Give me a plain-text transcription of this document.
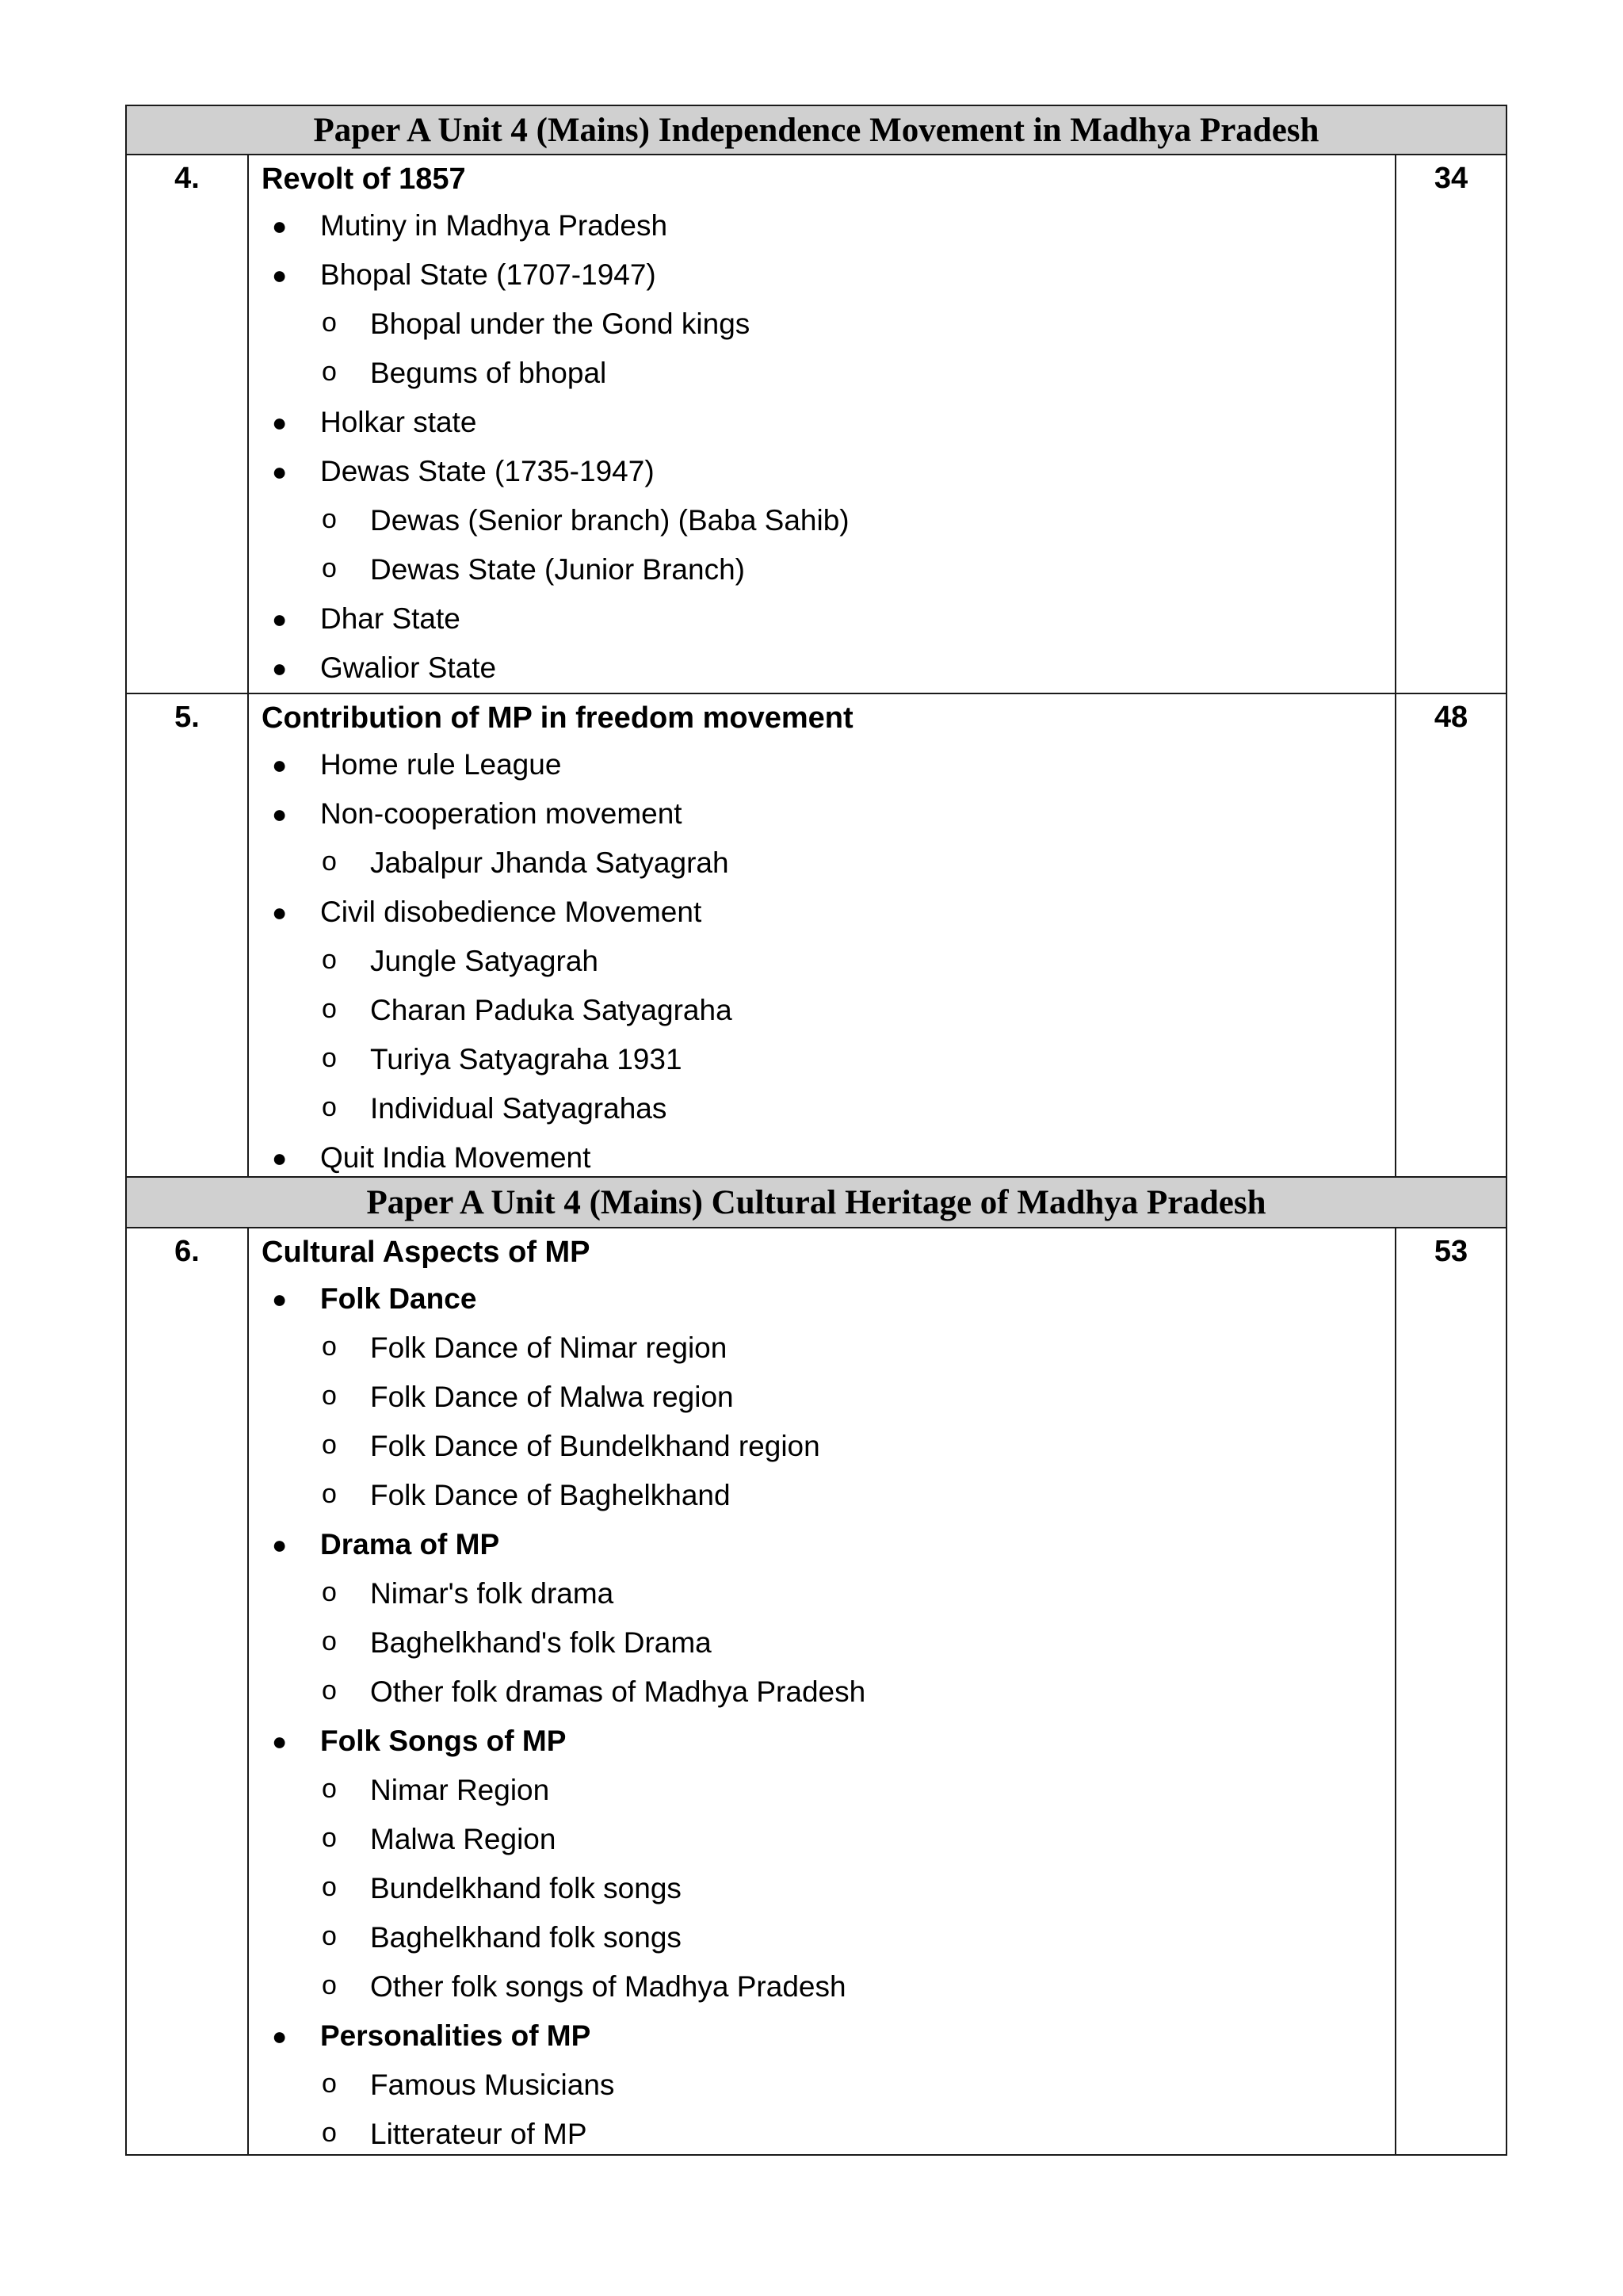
Paper A Unit 4 (Mains) Independence Movement in Madhya Pradesh
4.	Revolt of 1857
● Mutiny in Madhya Pradesh
● Bhopal State (1707-1947)
o Bhopal under the Gond kings
o Begums of bhopal
● Holkar state
● Dewas State (1735-1947)
o Dewas (Senior branch) (Baba Sahib)
o Dewas State (Junior Branch)
● Dhar State
● Gwalior State
34
5.	Contribution of MP in freedom movement
● Home rule League
● Non-cooperation movement
o Jabalpur Jhanda Satyagrah
● Civil disobedience Movement
o Jungle Satyagrah
o Charan Paduka Satyagraha
o Turiya Satyagraha 1931
o Individual Satyagrahas
● Quit India Movement
48
Paper A Unit 4 (Mains) Cultural Heritage of Madhya Pradesh
6.	Cultural Aspects of MP
● Folk Dance
o Folk Dance of Nimar region
o Folk Dance of Malwa region
o Folk Dance of Bundelkhand region
o Folk Dance of Baghelkhand
● Drama of MP
o Nimar's folk drama
o Baghelkhand's folk Drama
o Other folk dramas of Madhya Pradesh
● Folk Songs of MP
o Nimar Region
o Malwa Region
o Bundelkhand folk songs
o Baghelkhand folk songs
o Other folk songs of Madhya Pradesh
● Personalities of MP
o Famous Musicians
o Litterateur of MP
53
